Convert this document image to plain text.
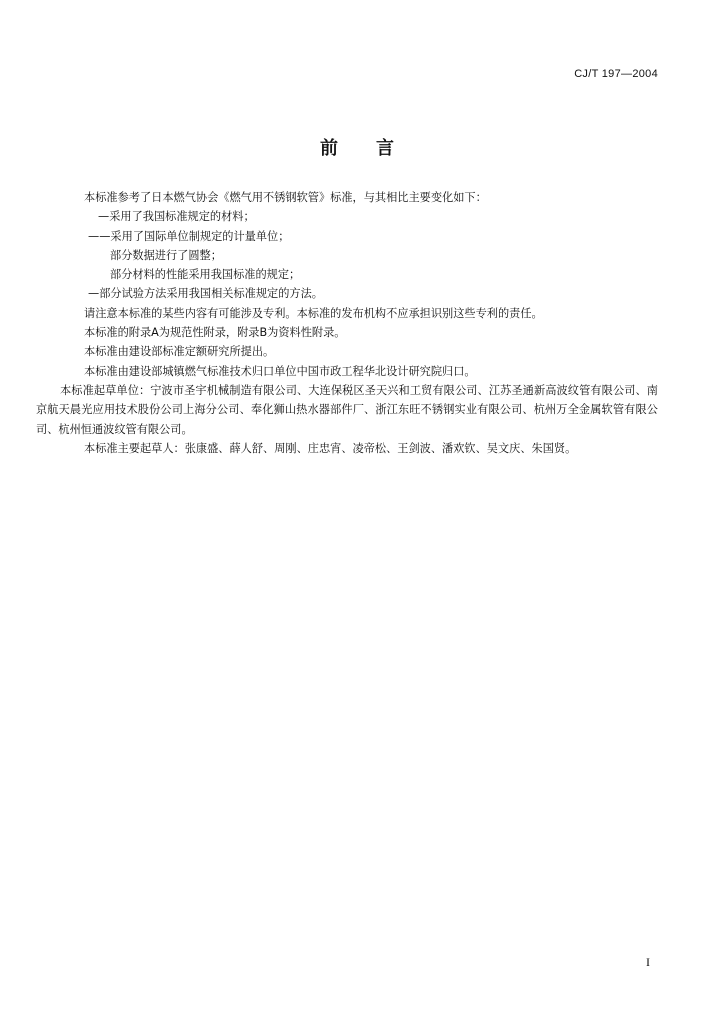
CJ/T 197—2004
前言

本标准参考了日本燃气协会《燃气用不锈钢软管》标准，与其相比主要变化如下：

—采用了我国标准规定的材料；

——采用了国际单位制规定的计量单位；

部分数据进行了圆整；

部分材料的性能采用我国标准的规定；

—部分试验方法采用我国相关标准规定的方法。

请注意本标准的某些内容有可能涉及专利。本标准的发布机构不应承担识别这些专利的责任。

本标准的附录A为规范性附录，附录B为资料性附录。

本标准由建设部标准定额研究所提出。

本标准由建设部城镇燃气标准技术归口单位中国市政工程华北设计研究院归口。

本标准起草单位：宁波市圣宇机械制造有限公司、大连保税区圣天兴和工贸有限公司、江苏圣通新高波纹管有限公司、南京航天晨光应用技术股份公司上海分公司、奉化狮山热水器部件厂、浙江东旺不锈钢实业有限公司、杭州万全金属软管有限公司、杭州恒通波纹管有限公司。

本标准主要起草人：张康盛、薛人舒、周刚、庄忠宵、凌帝松、王剑波、潘欢钦、吴文庆、朱国贤。

I
